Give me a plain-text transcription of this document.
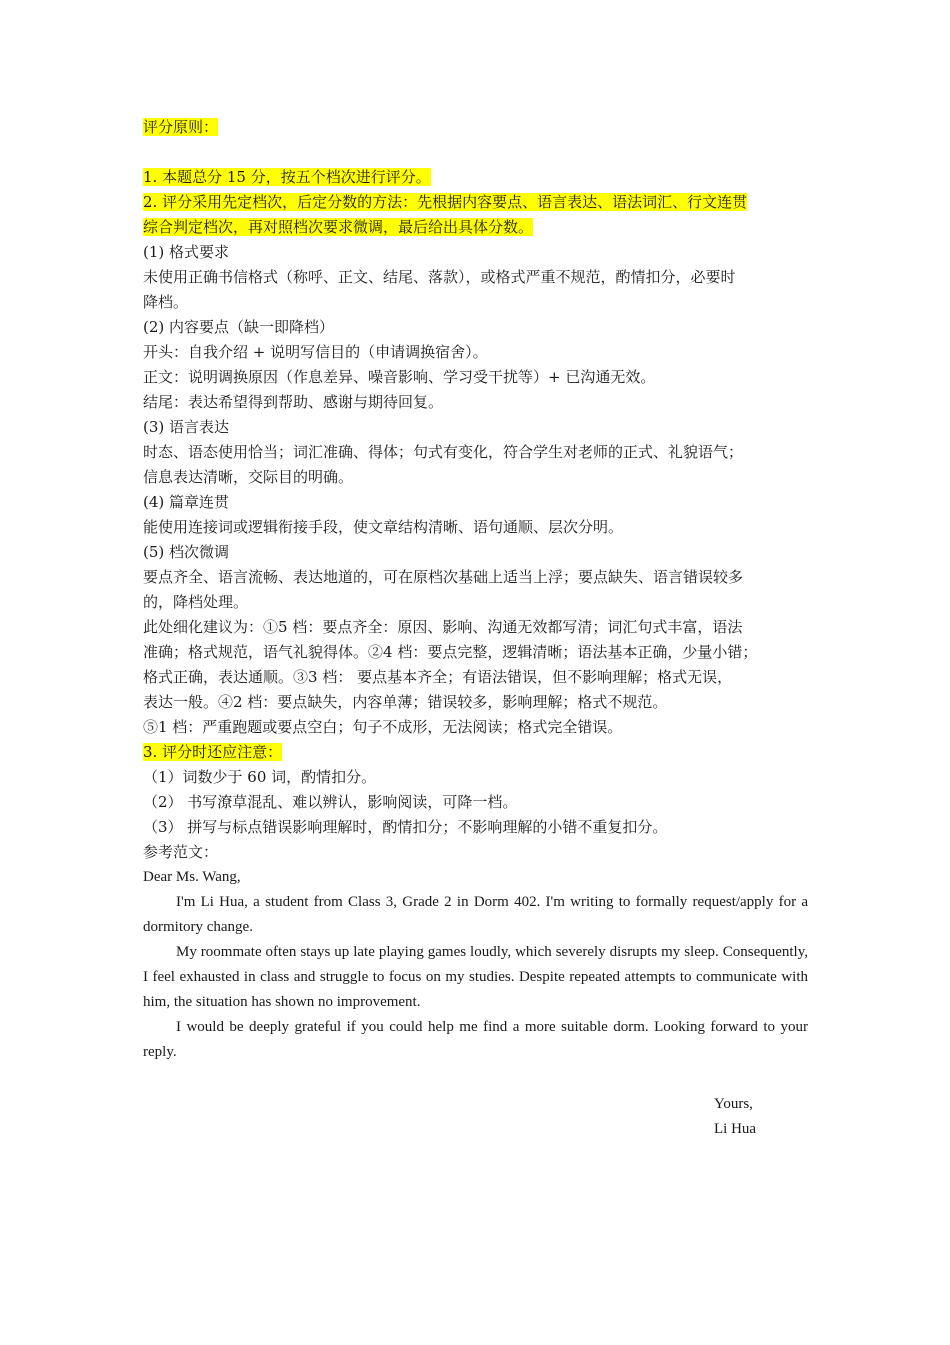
评分原则：
1. 本题总分 15 分，按五个档次进行评分。
2. 评分采用先定档次，后定分数的方法：先根据内容要点、语言表达、语法词汇、行文连贯
综合判定档次，再对照档次要求微调，最后给出具体分数。
(1) 格式要求
未使用正确书信格式（称呼、正文、结尾、落款），或格式严重不规范，酌情扣分，必要时
降档。
(2) 内容要点（缺一即降档）
开头：自我介绍 + 说明写信目的（申请调换宿舍）。
正文：说明调换原因（作息差异、噪音影响、学习受干扰等）+ 已沟通无效。
结尾：表达希望得到帮助、感谢与期待回复。
(3) 语言表达
时态、语态使用恰当；词汇准确、得体；句式有变化，符合学生对老师的正式、礼貌语气；
信息表达清晰，交际目的明确。
(4) 篇章连贯
能使用连接词或逻辑衔接手段，使文章结构清晰、语句通顺、层次分明。
(5) 档次微调
要点齐全、语言流畅、表达地道的，可在原档次基础上适当上浮；要点缺失、语言错误较多
的，降档处理。
此处细化建议为：①5 档：要点齐全：原因、影响、沟通无效都写清；词汇句式丰富，语法
准确；格式规范，语气礼貌得体。②4 档：要点完整，逻辑清晰；语法基本正确，少量小错；
格式正确，表达通顺。③3 档： 要点基本齐全；有语法错误，但不影响理解；格式无误，
表达一般。④2 档：要点缺失，内容单薄；错误较多，影响理解；格式不规范。
⑤1 档：严重跑题或要点空白；句子不成形，无法阅读；格式完全错误。
3. 评分时还应注意：
（1）词数少于 60 词，酌情扣分。
（2） 书写潦草混乱、难以辨认，影响阅读，可降一档。
（3） 拼写与标点错误影响理解时，酌情扣分；不影响理解的小错不重复扣分。
参考范文：
Dear Ms. Wang,
I'm Li Hua, a student from Class 3, Grade 2 in Dorm 402. I'm writing to formally request/apply for a dormitory change.
My roommate often stays up late playing games loudly, which severely disrupts my sleep. Consequently, I feel exhausted in class and struggle to focus on my studies. Despite repeated attempts to communicate with him, the situation has shown no improvement.
I would be deeply grateful if you could help me find a more suitable dorm. Looking forward to your reply.
Yours,
Li Hua
